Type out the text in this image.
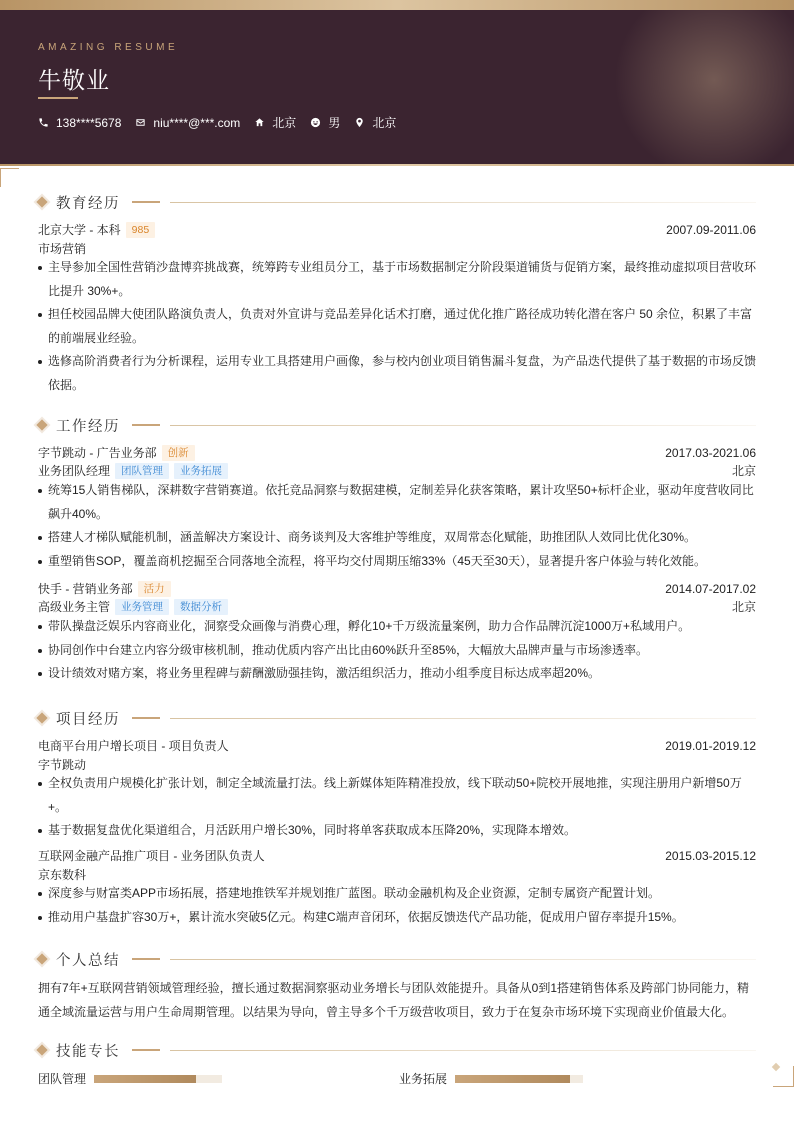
AMAZING RESUME
牛敬业
138****5678	niu****@***.com	北京	男	北京
教育经历
北京大学 - 本科	985	2007.09-2011.06
市场营销
主导参加全国性营销沙盘博弈挑战赛，统筹跨专业组员分工，基于市场数据制定分阶段渠道铺货与促销方案，最终推动虚拟项目营收环比提升 30%+。
担任校园品牌大使团队路演负责人，负责对外宣讲与竞品差异化话术打磨，通过优化推广路径成功转化潜在客户 50 余位，积累了丰富的前端展业经验。
选修高阶消费者行为分析课程，运用专业工具搭建用户画像，参与校内创业项目销售漏斗复盘，为产品迭代提供了基于数据的市场反馈依据。
工作经历
字节跳动 - 广告业务部	创新	2017.03-2021.06
业务团队经理	团队管理	业务拓展	北京
统筹15人销售梯队，深耕数字营销赛道。依托竞品洞察与数据建模，定制差异化获客策略，累计攻坚50+标杆企业，驱动年度营收同比飙升40%。
搭建人才梯队赋能机制，涵盖解决方案设计、商务谈判及大客维护等维度，双周常态化赋能，助推团队人效同比优化30%。
重塑销售SOP，覆盖商机挖掘至合同落地全流程，将平均交付周期压缩33%（45天至30天），显著提升客户体验与转化效能。
快手 - 营销业务部	活力	2014.07-2017.02
高级业务主管	业务管理	数据分析	北京
带队操盘泛娱乐内容商业化，洞察受众画像与消费心理，孵化10+千万级流量案例，助力合作品牌沉淀1000万+私域用户。
协同创作中台建立内容分级审核机制，推动优质内容产出比由60%跃升至85%，大幅放大品牌声量与市场渗透率。
设计绩效对赌方案，将业务里程碑与薪酬激励强挂钩，激活组织活力，推动小组季度目标达成率超20%。
项目经历
电商平台用户增长项目 - 项目负责人	2019.01-2019.12
字节跳动
全权负责用户规模化扩张计划，制定全域流量打法。线上新媒体矩阵精准投放，线下联动50+院校开展地推，实现注册用户新增50万+。
基于数据复盘优化渠道组合，月活跃用户增长30%，同时将单客获取成本压降20%，实现降本增效。
互联网金融产品推广项目 - 业务团队负责人	2015.03-2015.12
京东数科
深度参与财富类APP市场拓展，搭建地推铁军并规划推广蓝图。联动金融机构及企业资源，定制专属资产配置计划。
推动用户基盘扩容30万+，累计流水突破5亿元。构建C端声音闭环，依据反馈迭代产品功能，促成用户留存率提升15%。
个人总结

拥有7年+互联网营销领域管理经验，擅长通过数据洞察驱动业务增长与团队效能提升。具备从0到1搭建销售体系及跨部门协同能力，精通全域流量运营与用户生命周期管理。以结果为导向，曾主导多个千万级营收项目，致力于在复杂市场环境下实现商业价值最大化。

技能专长
团队管理	业务拓展
